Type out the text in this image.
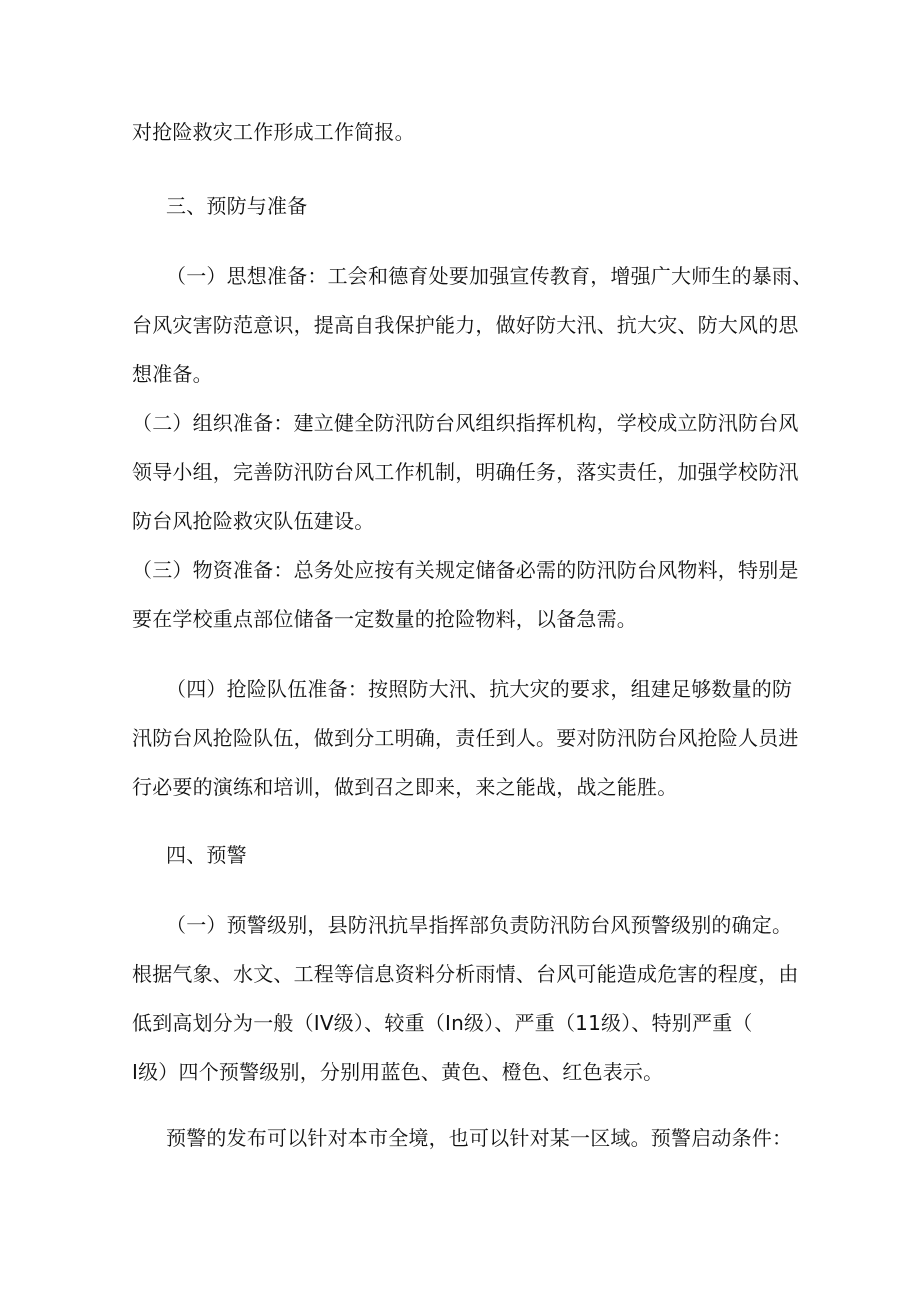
对抢险救灾工作形成工作简报。
三、预防与准备
（一）思想准备：工会和德育处要加强宣传教育，增强广大师生的暴雨、
台风灾害防范意识，提高自我保护能力，做好防大汛、抗大灾、防大风的思
想准备。
（二）组织准备：建立健全防汛防台风组织指挥机构，学校成立防汛防台风
领导小组，完善防汛防台风工作机制，明确任务，落实责任，加强学校防汛
防台风抢险救灾队伍建设。
（三）物资准备：总务处应按有关规定储备必需的防汛防台风物料，特别是
要在学校重点部位储备一定数量的抢险物料，以备急需。
（四）抢险队伍准备：按照防大汛、抗大灾的要求，组建足够数量的防
汛防台风抢险队伍，做到分工明确，责任到人。要对防汛防台风抢险人员进
行必要的演练和培训，做到召之即来，来之能战，战之能胜。
四、预警
（一）预警级别，县防汛抗旱指挥部负责防汛防台风预警级别的确定。
根据气象、水文、工程等信息资料分析雨情、台风可能造成危害的程度，由
低到高划分为一般（IV级）、较重（In级）、严重（11级）、特别严重（
I级）四个预警级别，分别用蓝色、黄色、橙色、红色表示。
预警的发布可以针对本市全境，也可以针对某一区域。预警启动条件：
